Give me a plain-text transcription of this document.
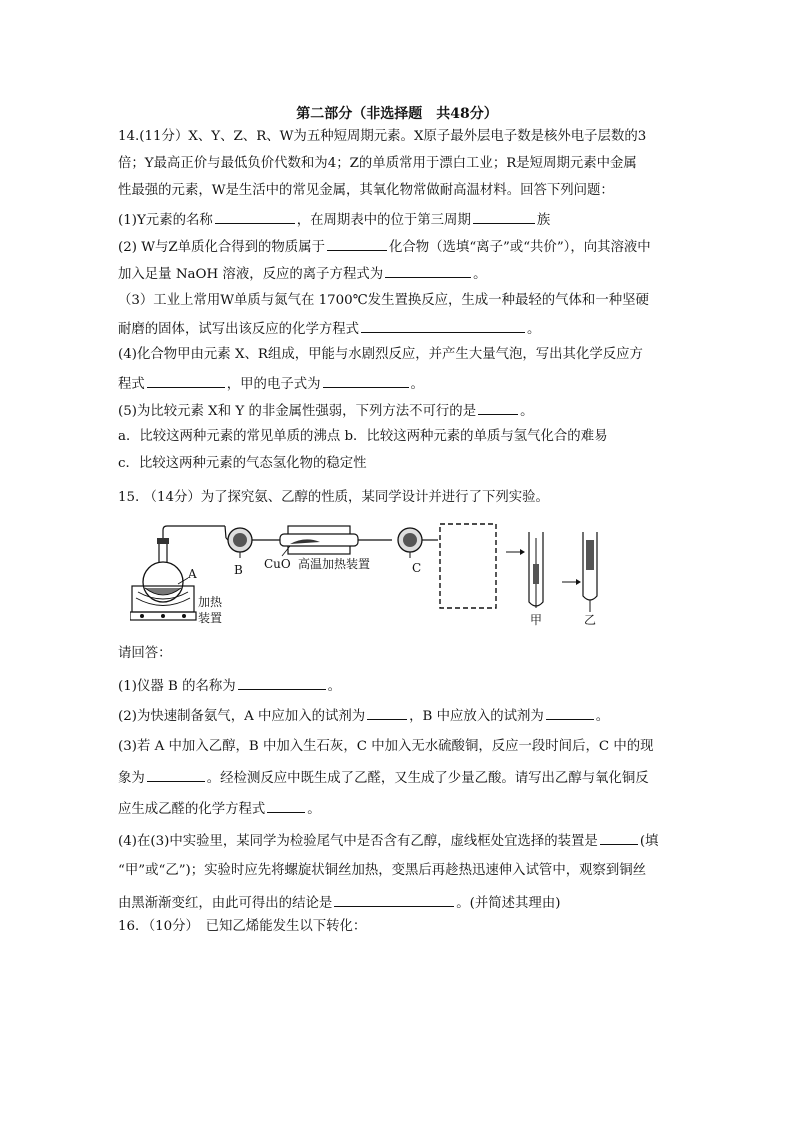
第二部分（非选择题　共48分）
14.(11分）X、Y、Z、R、W为五种短周期元素。X原子最外层电子数是核外电子层数的3
倍；Y最高正价与最低负价代数和为4；Z的单质常用于漂白工业；R是短周期元素中金属
性最强的元素，W是生活中的常见金属，其氧化物常做耐高温材料。回答下列问题：
(1)Y元素的名称	，在周期表中的位于第三周期	族
(2) W与Z单质化合得到的物质属于	化合物（选填“离子”或“共价”），向其溶液中
加入足量 NaOH 溶液，反应的离子方程式为	。
（3）工业上常用W单质与氮气在 1700℃发生置换反应，生成一种最轻的气体和一种坚硬
耐磨的固体，试写出该反应的化学方程式	。
(4)化合物甲由元素 X、R组成，甲能与水剧烈反应，并产生大量气泡，写出其化学反应方
程式	，甲的电子式为	。
(5)为比较元素 X和 Y 的非金属性强弱，下列方法不可行的是	。
a．比较这两种元素的常见单质的沸点 b．比较这两种元素的单质与氢气化合的难易
c．比较这两种元素的气态氢化物的稳定性
15. （14分）为了探究氨、乙醇的性质，某同学设计并进行了下列实验。
A
加热
装置
B CuO 高温加热装置	C
甲	乙
请回答：
(1)仪器 B 的名称为	。
(2)为快速制备氨气，A 中应加入的试剂为	，B 中应放入的试剂为	。
(3)若 A 中加入乙醇，B 中加入生石灰，C 中加入无水硫酸铜，反应一段时间后，C 中的现
象为	。经检测反应中既生成了乙醛，又生成了少量乙酸。请写出乙醇与氧化铜反
应生成乙醛的化学方程式	。
(4)在(3)中实验里，某同学为检验尾气中是否含有乙醇，虚线框处宜选择的装置是	(填
“甲”或“乙”)；实验时应先将螺旋状铜丝加热，变黑后再趁热迅速伸入试管中，观察到铜丝
由黑渐渐变红，由此可得出的结论是	。(并简述其理由)
16．（10分）　已知乙烯能发生以下转化：
